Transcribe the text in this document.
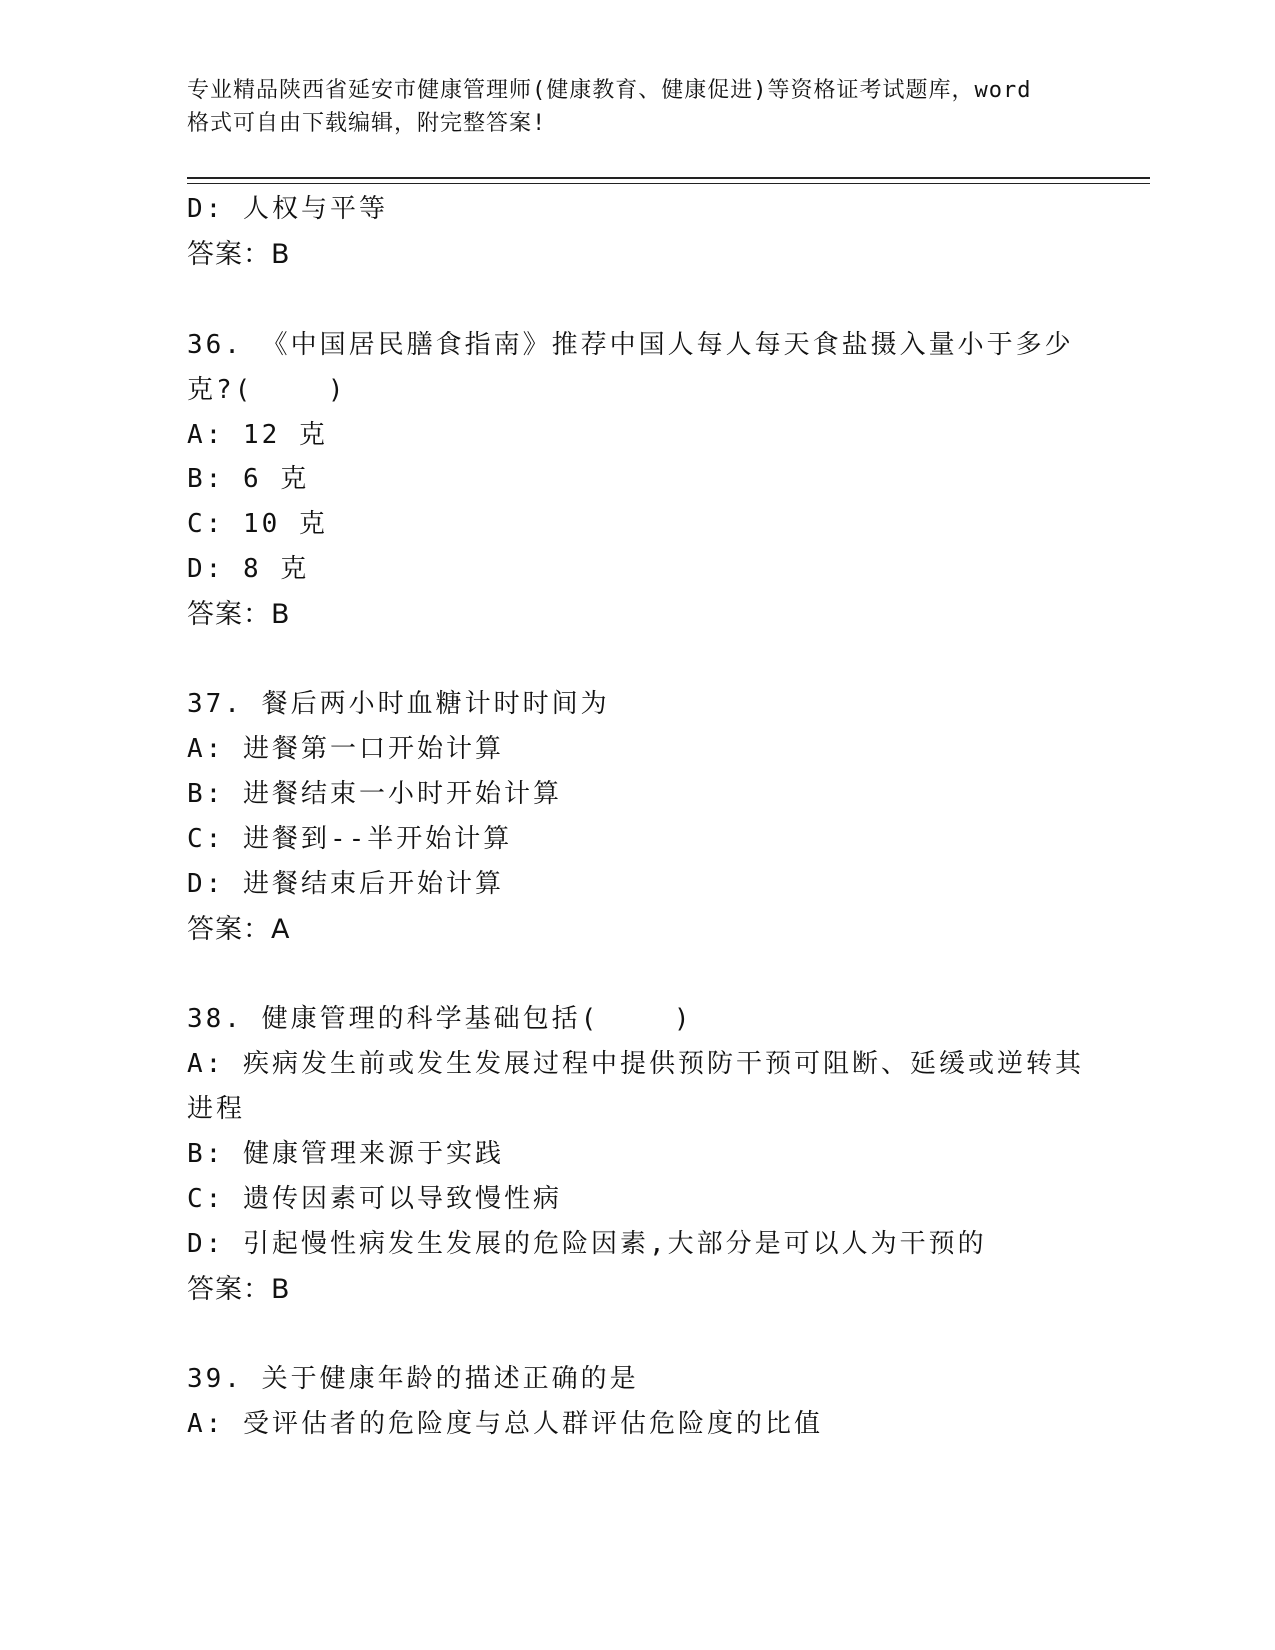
专业精品陕西省延安市健康管理师(健康教育、健康促进)等资格证考试题库，word
格式可自由下载编辑，附完整答案!
D: 人权与平等
答案：B
36. 《中国居民膳食指南》推荐中国人每人每天食盐摄入量小于多少
克?(    )
A: 12 克
B: 6 克
C: 10 克
D: 8 克
答案：B
37. 餐后两小时血糖计时时间为
A: 进餐第一口开始计算
B: 进餐结束一小时开始计算
C: 进餐到--半开始计算
D: 进餐结束后开始计算
答案：A
38. 健康管理的科学基础包括(    )
A: 疾病发生前或发生发展过程中提供预防干预可阻断、延缓或逆转其
进程
B: 健康管理来源于实践
C: 遗传因素可以导致慢性病
D: 引起慢性病发生发展的危险因素,大部分是可以人为干预的
答案：B
39. 关于健康年龄的描述正确的是
A: 受评估者的危险度与总人群评估危险度的比值
